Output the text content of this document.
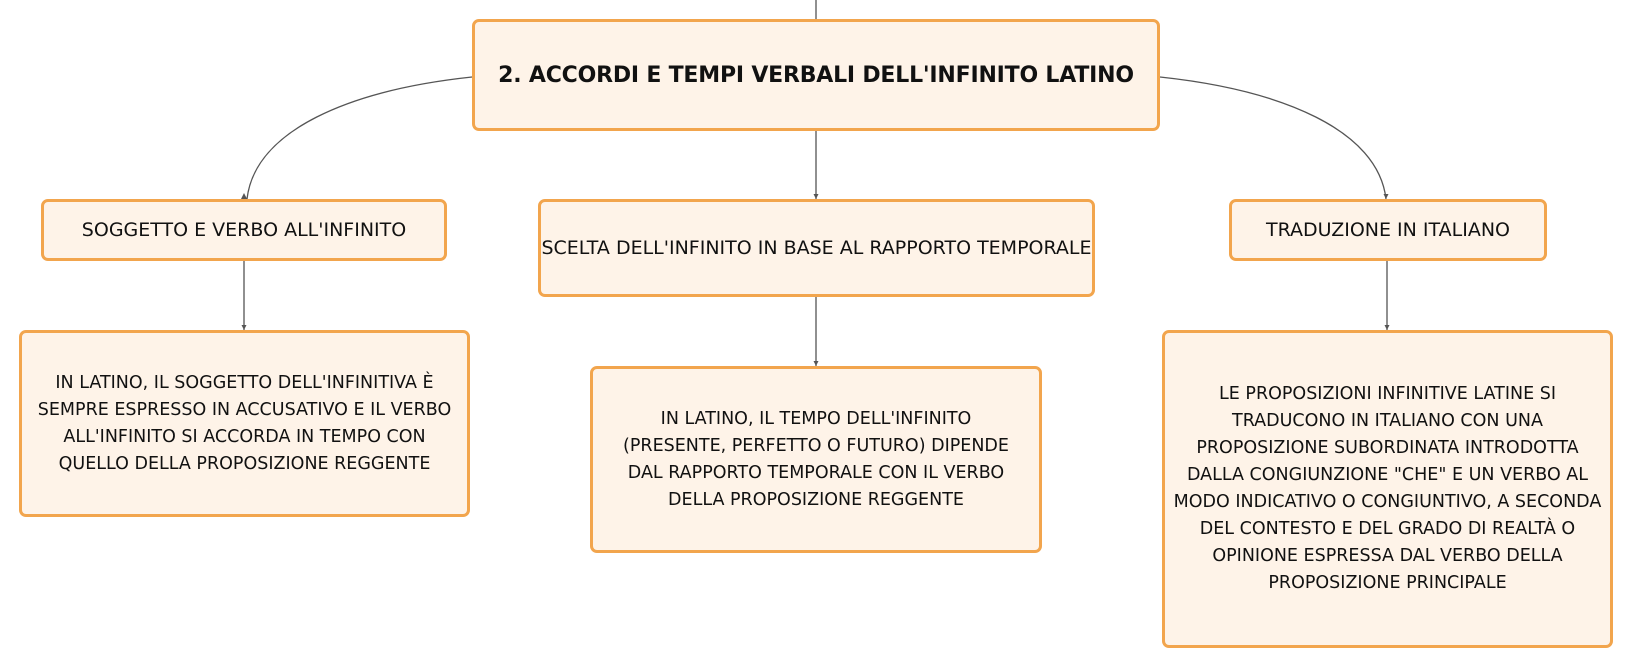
2. ACCORDI E TEMPI VERBALI DELL'INFINITO LATINO
SOGGETTO E VERBO ALL'INFINITO
SCELTA DELL'INFINITO IN BASE AL RAPPORTO TEMPORALE
TRADUZIONE IN ITALIANO
IN LATINO, IL SOGGETTO DELL'INFINITIVA È SEMPRE ESPRESSO IN ACCUSATIVO E IL VERBO ALL'INFINITO SI ACCORDA IN TEMPO CON QUELLO DELLA PROPOSIZIONE REGGENTE
IN LATINO, IL TEMPO DELL'INFINITO (PRESENTE, PERFETTO O FUTURO) DIPENDE DAL RAPPORTO TEMPORALE CON IL VERBO DELLA PROPOSIZIONE REGGENTE
LE PROPOSIZIONI INFINITIVE LATINE SI TRADUCONO IN ITALIANO CON UNA PROPOSIZIONE SUBORDINATA INTRODOTTA DALLA CONGIUNZIONE "CHE" E UN VERBO AL MODO INDICATIVO O CONGIUNTIVO, A SECONDA DEL CONTESTO E DEL GRADO DI REALTÀ O OPINIONE ESPRESSA DAL VERBO DELLA PROPOSIZIONE PRINCIPALE
